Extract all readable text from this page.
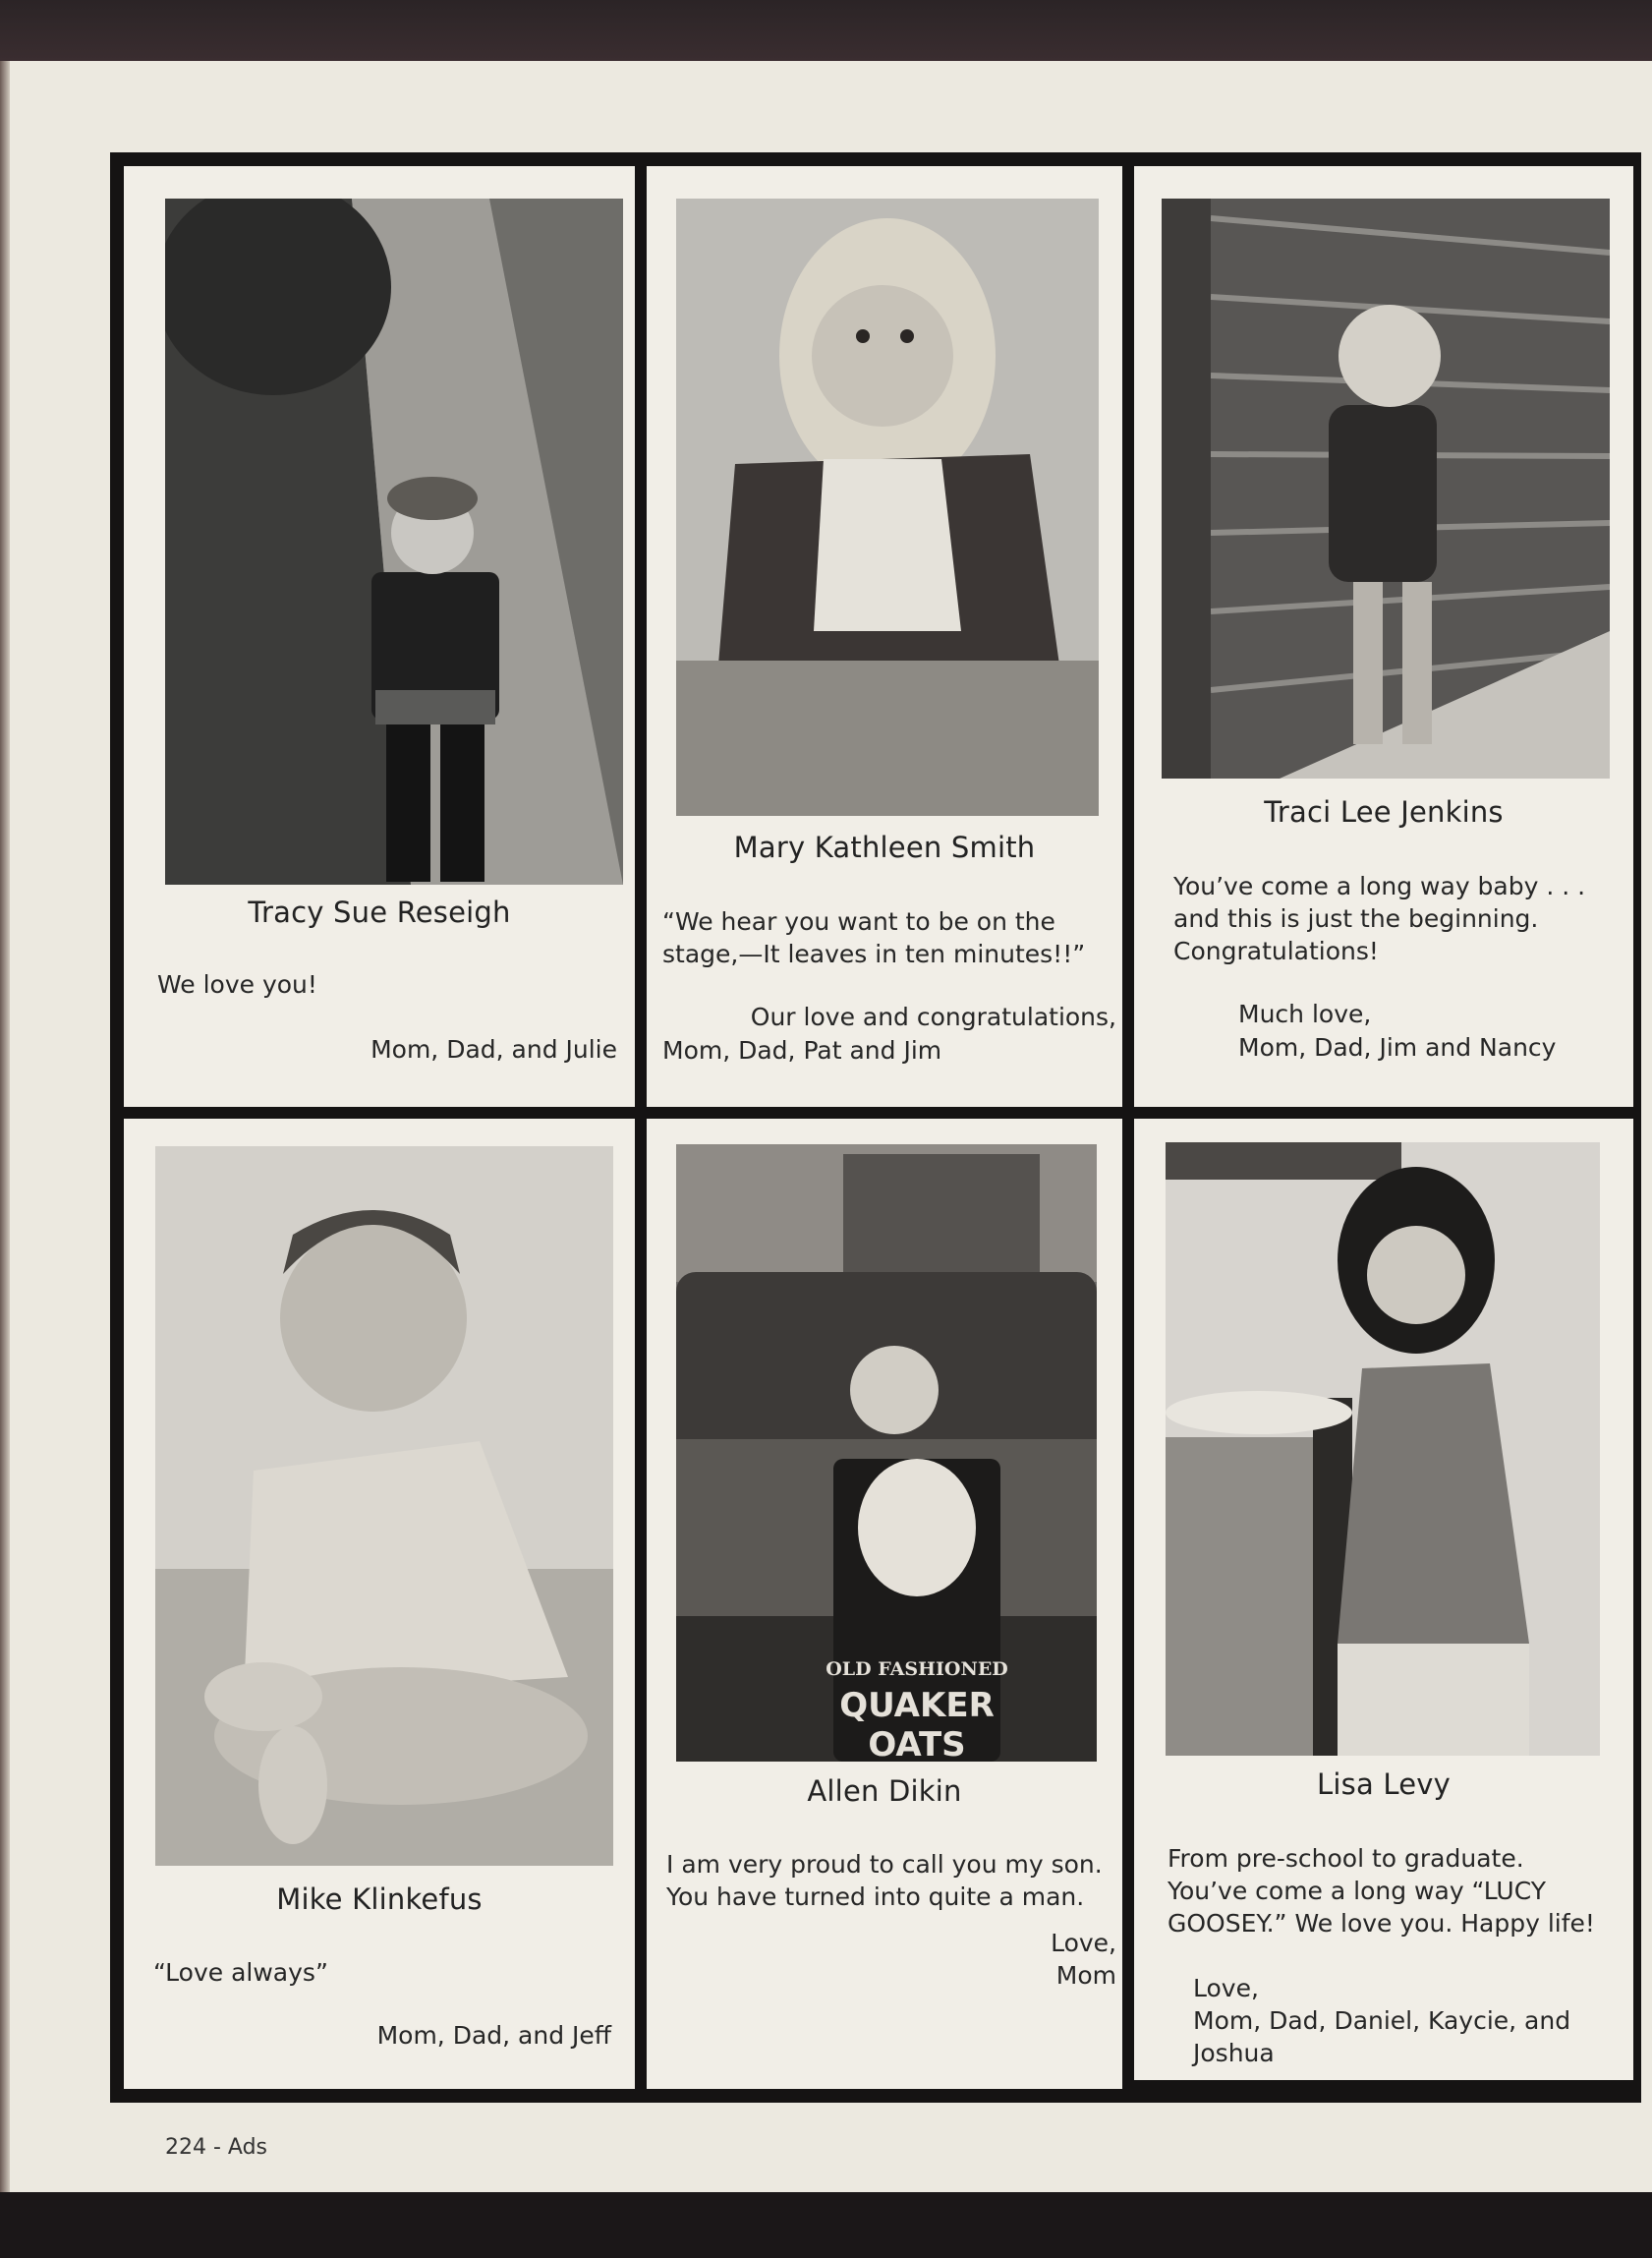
Tracy Sue Reseigh
We love you!
Mom, Dad, and Julie
Mary Kathleen Smith
“We hear you want to be on the
stage,—It leaves in ten minutes!!”
Our love and congratulations,
Mom, Dad, Pat and Jim
Traci Lee Jenkins
You’ve come a long way baby . . .
and this is just the beginning.
Congratulations!
Much love,
Mom, Dad, Jim and Nancy
Mike Klinkefus
“Love always”
Mom, Dad, and Jeff
OLD FASHIONED
QUAKER
OATS
Allen Dikin
I am very proud to call you my son.
You have turned into quite a man.
Love,
Mom
Lisa Levy
From pre-school to graduate.
You’ve come a long way “LUCY
GOOSEY.” We love you. Happy life!
Love,
Mom, Dad, Daniel, Kaycie, and
Joshua
224 - Ads
